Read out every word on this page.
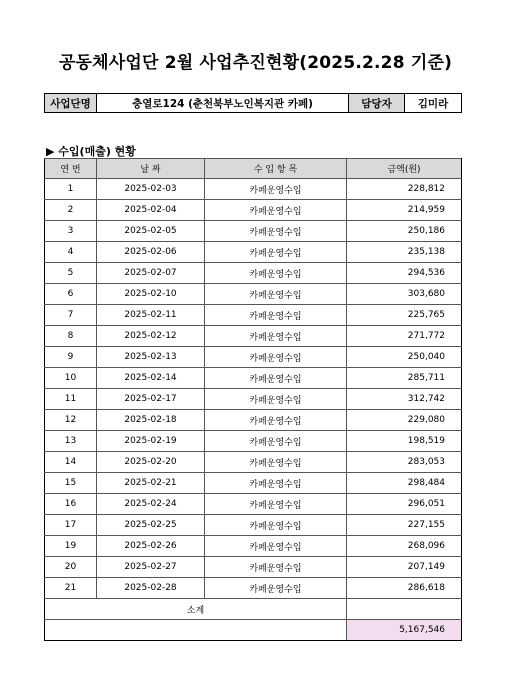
공동체사업단 2월 사업추진현황(2025.2.28 기준)
사업단명	충열로124 (춘천북부노인복지관 카페)	담당자	김미라
▶ 수입(매출) 현황
연 번	날 짜	수 입 항 목	금액(원)
1	2025-02-03	카페운영수입	228,812
2	2025-02-04	카페운영수입	214,959
3	2025-02-05	카페운영수입	250,186
4	2025-02-06	카페운영수입	235,138
5	2025-02-07	카페운영수입	294,536
6	2025-02-10	카페운영수입	303,680
7	2025-02-11	카페운영수입	225,765
8	2025-02-12	카페운영수입	271,772
9	2025-02-13	카페운영수입	250,040
10	2025-02-14	카페운영수입	285,711
11	2025-02-17	카페운영수입	312,742
12	2025-02-18	카페운영수입	229,080
13	2025-02-19	카페운영수입	198,519
14	2025-02-20	카페운영수입	283,053
15	2025-02-21	카페운영수입	298,484
16	2025-02-24	카페운영수입	296,051
17	2025-02-25	카페운영수입	227,155
19	2025-02-26	카페운영수입	268,096
20	2025-02-27	카페운영수입	207,149
21	2025-02-28	카페운영수입	286,618
소계			
			5,167,546
